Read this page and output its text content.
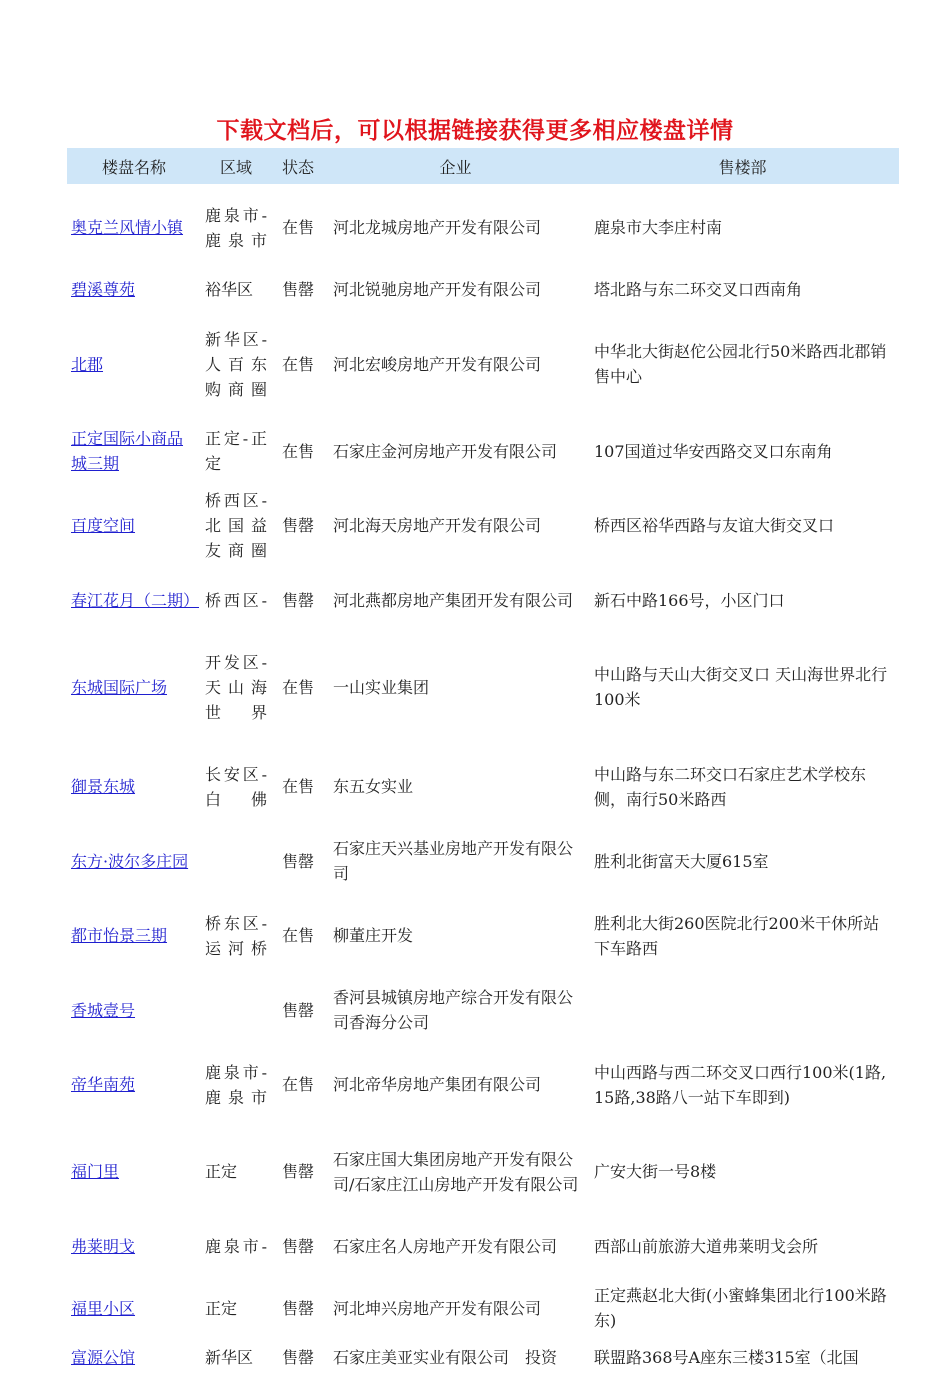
下载文档后，可以根据链接获得更多相应楼盘详情
楼盘名称	区域	状态	企业	售楼部
奥克兰风情小镇	鹿泉市-鹿泉市	在售	河北龙城房地产开发有限公司	鹿泉市大李庄村南
碧溪尊苑	裕华区	售罄	河北锐驰房地产开发有限公司	塔北路与东二环交叉口西南角
北郡	新华区-人百东购商圈	在售	河北宏峻房地产开发有限公司	中华北大街赵佗公园北行50米路西北郡销售中心
正定国际小商品城三期	正定-正定	在售	石家庄金河房地产开发有限公司	107国道过华安西路交叉口东南角
百度空间	桥西区-北国益友商圈	售罄	河北海天房地产开发有限公司	桥西区裕华西路与友谊大街交叉口
春江花月（二期）	桥西区-	售罄	河北燕都房地产集团开发有限公司	新石中路166号，小区门口
东城国际广场	开发区-天山海世界	在售	一山实业集团	中山路与天山大街交叉口 天山海世界北行100米
御景东城	长安区-白佛	在售	东五女实业	中山路与东二环交口石家庄艺术学校东侧，南行50米路西
东方·波尔多庄园		售罄	石家庄天兴基业房地产开发有限公司	胜利北街富天大厦615室
都市怡景三期	桥东区-运河桥	在售	柳董庄开发	胜利北大街260医院北行200米干休所站下车路西
香城壹号		售罄	香河县城镇房地产综合开发有限公司香海分公司	
帝华南苑	鹿泉市-鹿泉市	在售	河北帝华房地产集团有限公司	中山西路与西二环交叉口西行100米(1路,15路,38路八一站下车即到)
福门里	正定	售罄	石家庄国大集团房地产开发有限公司/石家庄江山房地产开发有限公司	广安大街一号8楼
弗莱明戈	鹿泉市-	售罄	石家庄名人房地产开发有限公司	西部山前旅游大道弗莱明戈会所
福里小区	正定	售罄	河北坤兴房地产开发有限公司	正定燕赵北大街(小蜜蜂集团北行100米路东)
富源公馆	新华区	售罄	石家庄美亚实业有限公司　投资	联盟路368号A座东三楼315室（北国
